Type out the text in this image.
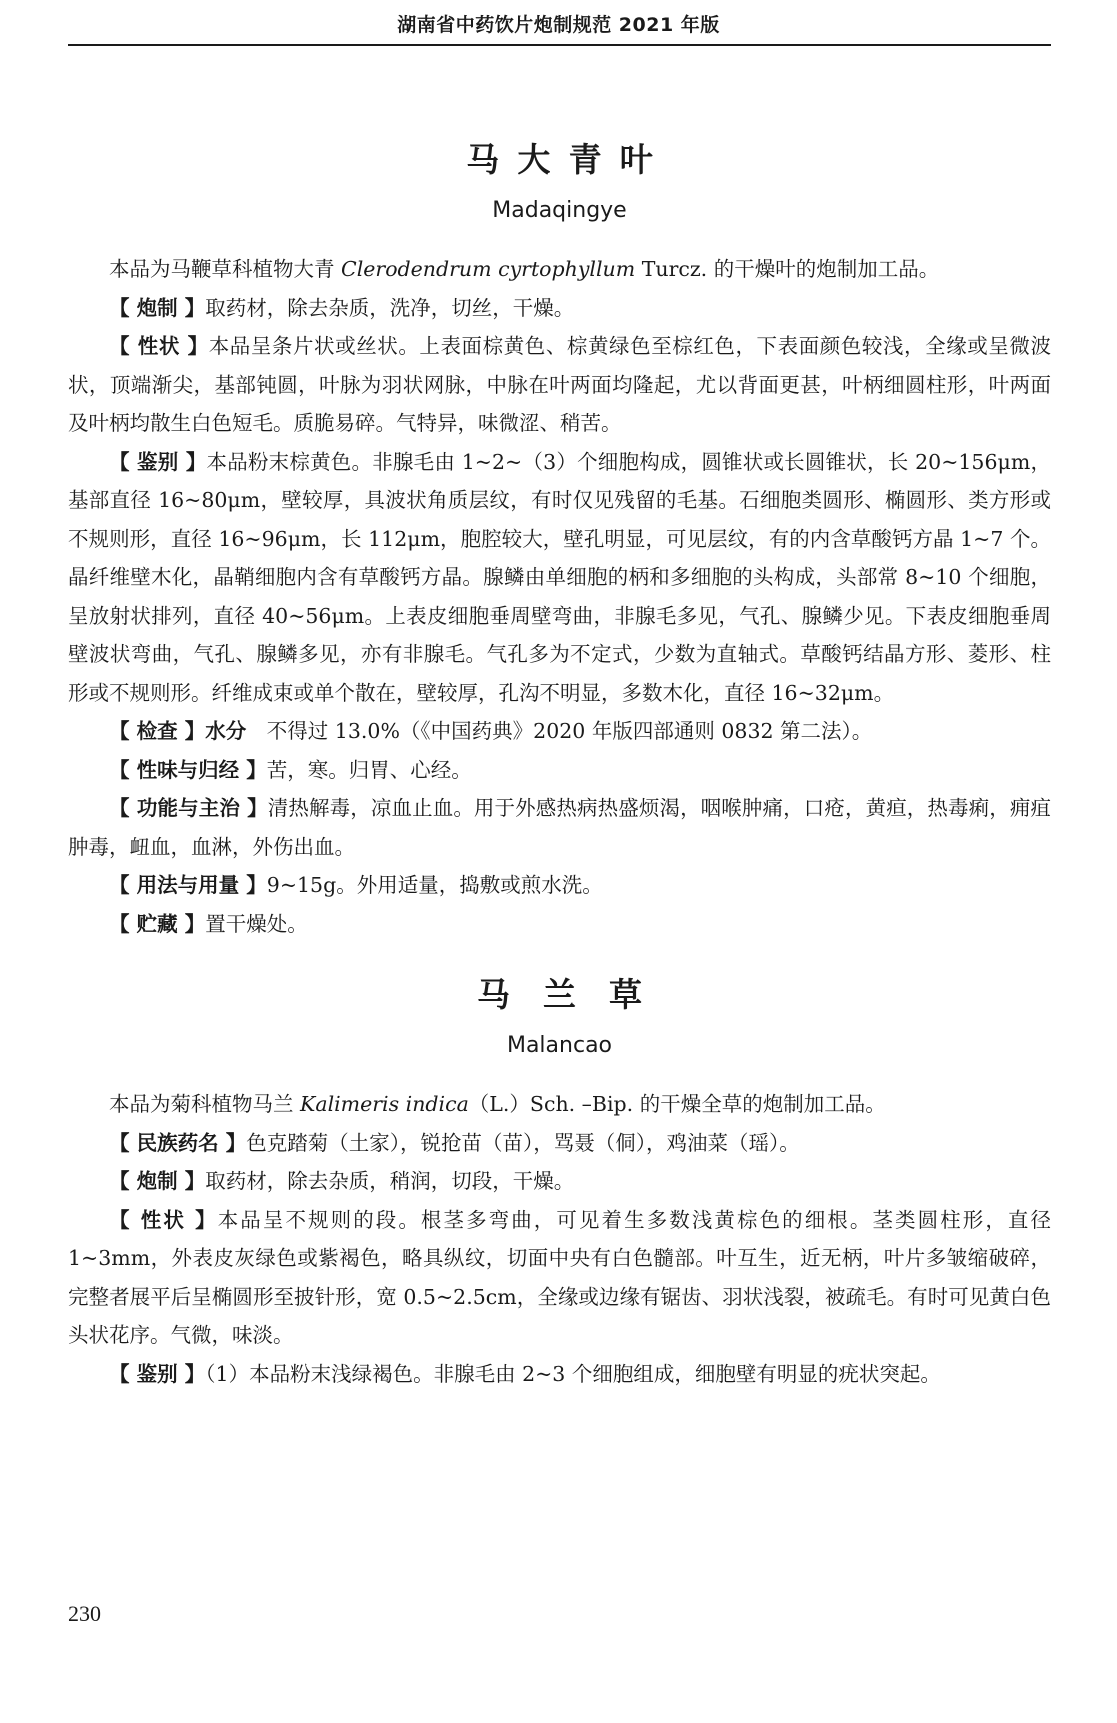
湖南省中药饮片炮制规范 2021 年版
马大青叶
Madaqingye

本品为马鞭草科植物大青 Clerodendrum cyrtophyllum Turcz. 的干燥叶的炮制加工品。

【 炮制 】取药材，除去杂质，洗净，切丝，干燥。

【 性状 】本品呈条片状或丝状。上表面棕黄色、棕黄绿色至棕红色，下表面颜色较浅，全缘或呈微波状，顶端渐尖，基部钝圆，叶脉为羽状网脉，中脉在叶两面均隆起，尤以背面更甚，叶柄细圆柱形，叶两面及叶柄均散生白色短毛。质脆易碎。气特异，味微涩、稍苦。

【 鉴别 】本品粉末棕黄色。非腺毛由 1~2~（3）个细胞构成，圆锥状或长圆锥状，长 20~156μm，基部直径 16~80μm，壁较厚，具波状角质层纹，有时仅见残留的毛基。石细胞类圆形、椭圆形、类方形或不规则形，直径 16~96μm，长 112μm，胞腔较大，壁孔明显，可见层纹，有的内含草酸钙方晶 1~7 个。晶纤维壁木化，晶鞘细胞内含有草酸钙方晶。腺鳞由单细胞的柄和多细胞的头构成，头部常 8~10 个细胞，呈放射状排列，直径 40~56μm。上表皮细胞垂周壁弯曲，非腺毛多见，气孔、腺鳞少见。下表皮细胞垂周壁波状弯曲，气孔、腺鳞多见，亦有非腺毛。气孔多为不定式，少数为直轴式。草酸钙结晶方形、菱形、柱形或不规则形。纤维成束或单个散在，壁较厚，孔沟不明显，多数木化，直径 16~32μm。

【 检查 】水分  不得过 13.0%（《中国药典》2020 年版四部通则 0832 第二法）。

【 性味与归经 】苦，寒。归胃、心经。

【 功能与主治 】清热解毒，凉血止血。用于外感热病热盛烦渴，咽喉肿痛，口疮，黄疸，热毒痢，痈疽肿毒，衄血，血淋，外伤出血。

【 用法与用量 】9~15g。外用适量，捣敷或煎水洗。

【 贮藏 】置干燥处。

马兰草
Malancao

本品为菊科植物马兰 Kalimeris indica（L.）Sch. –Bip. 的干燥全草的炮制加工品。

【 民族药名 】色克踏菊（土家），锐抢苗（苗），骂聂（侗），鸡油菜（瑶）。

【 炮制 】取药材，除去杂质，稍润，切段，干燥。

【 性状 】本品呈不规则的段。根茎多弯曲，可见着生多数浅黄棕色的细根。茎类圆柱形，直径 1~3mm，外表皮灰绿色或紫褐色，略具纵纹，切面中央有白色髓部。叶互生，近无柄，叶片多皱缩破碎，完整者展平后呈椭圆形至披针形，宽 0.5~2.5cm，全缘或边缘有锯齿、羽状浅裂，被疏毛。有时可见黄白色头状花序。气微，味淡。

【 鉴别 】（1）本品粉末浅绿褐色。非腺毛由 2~3 个细胞组成，细胞壁有明显的疣状突起。

230
